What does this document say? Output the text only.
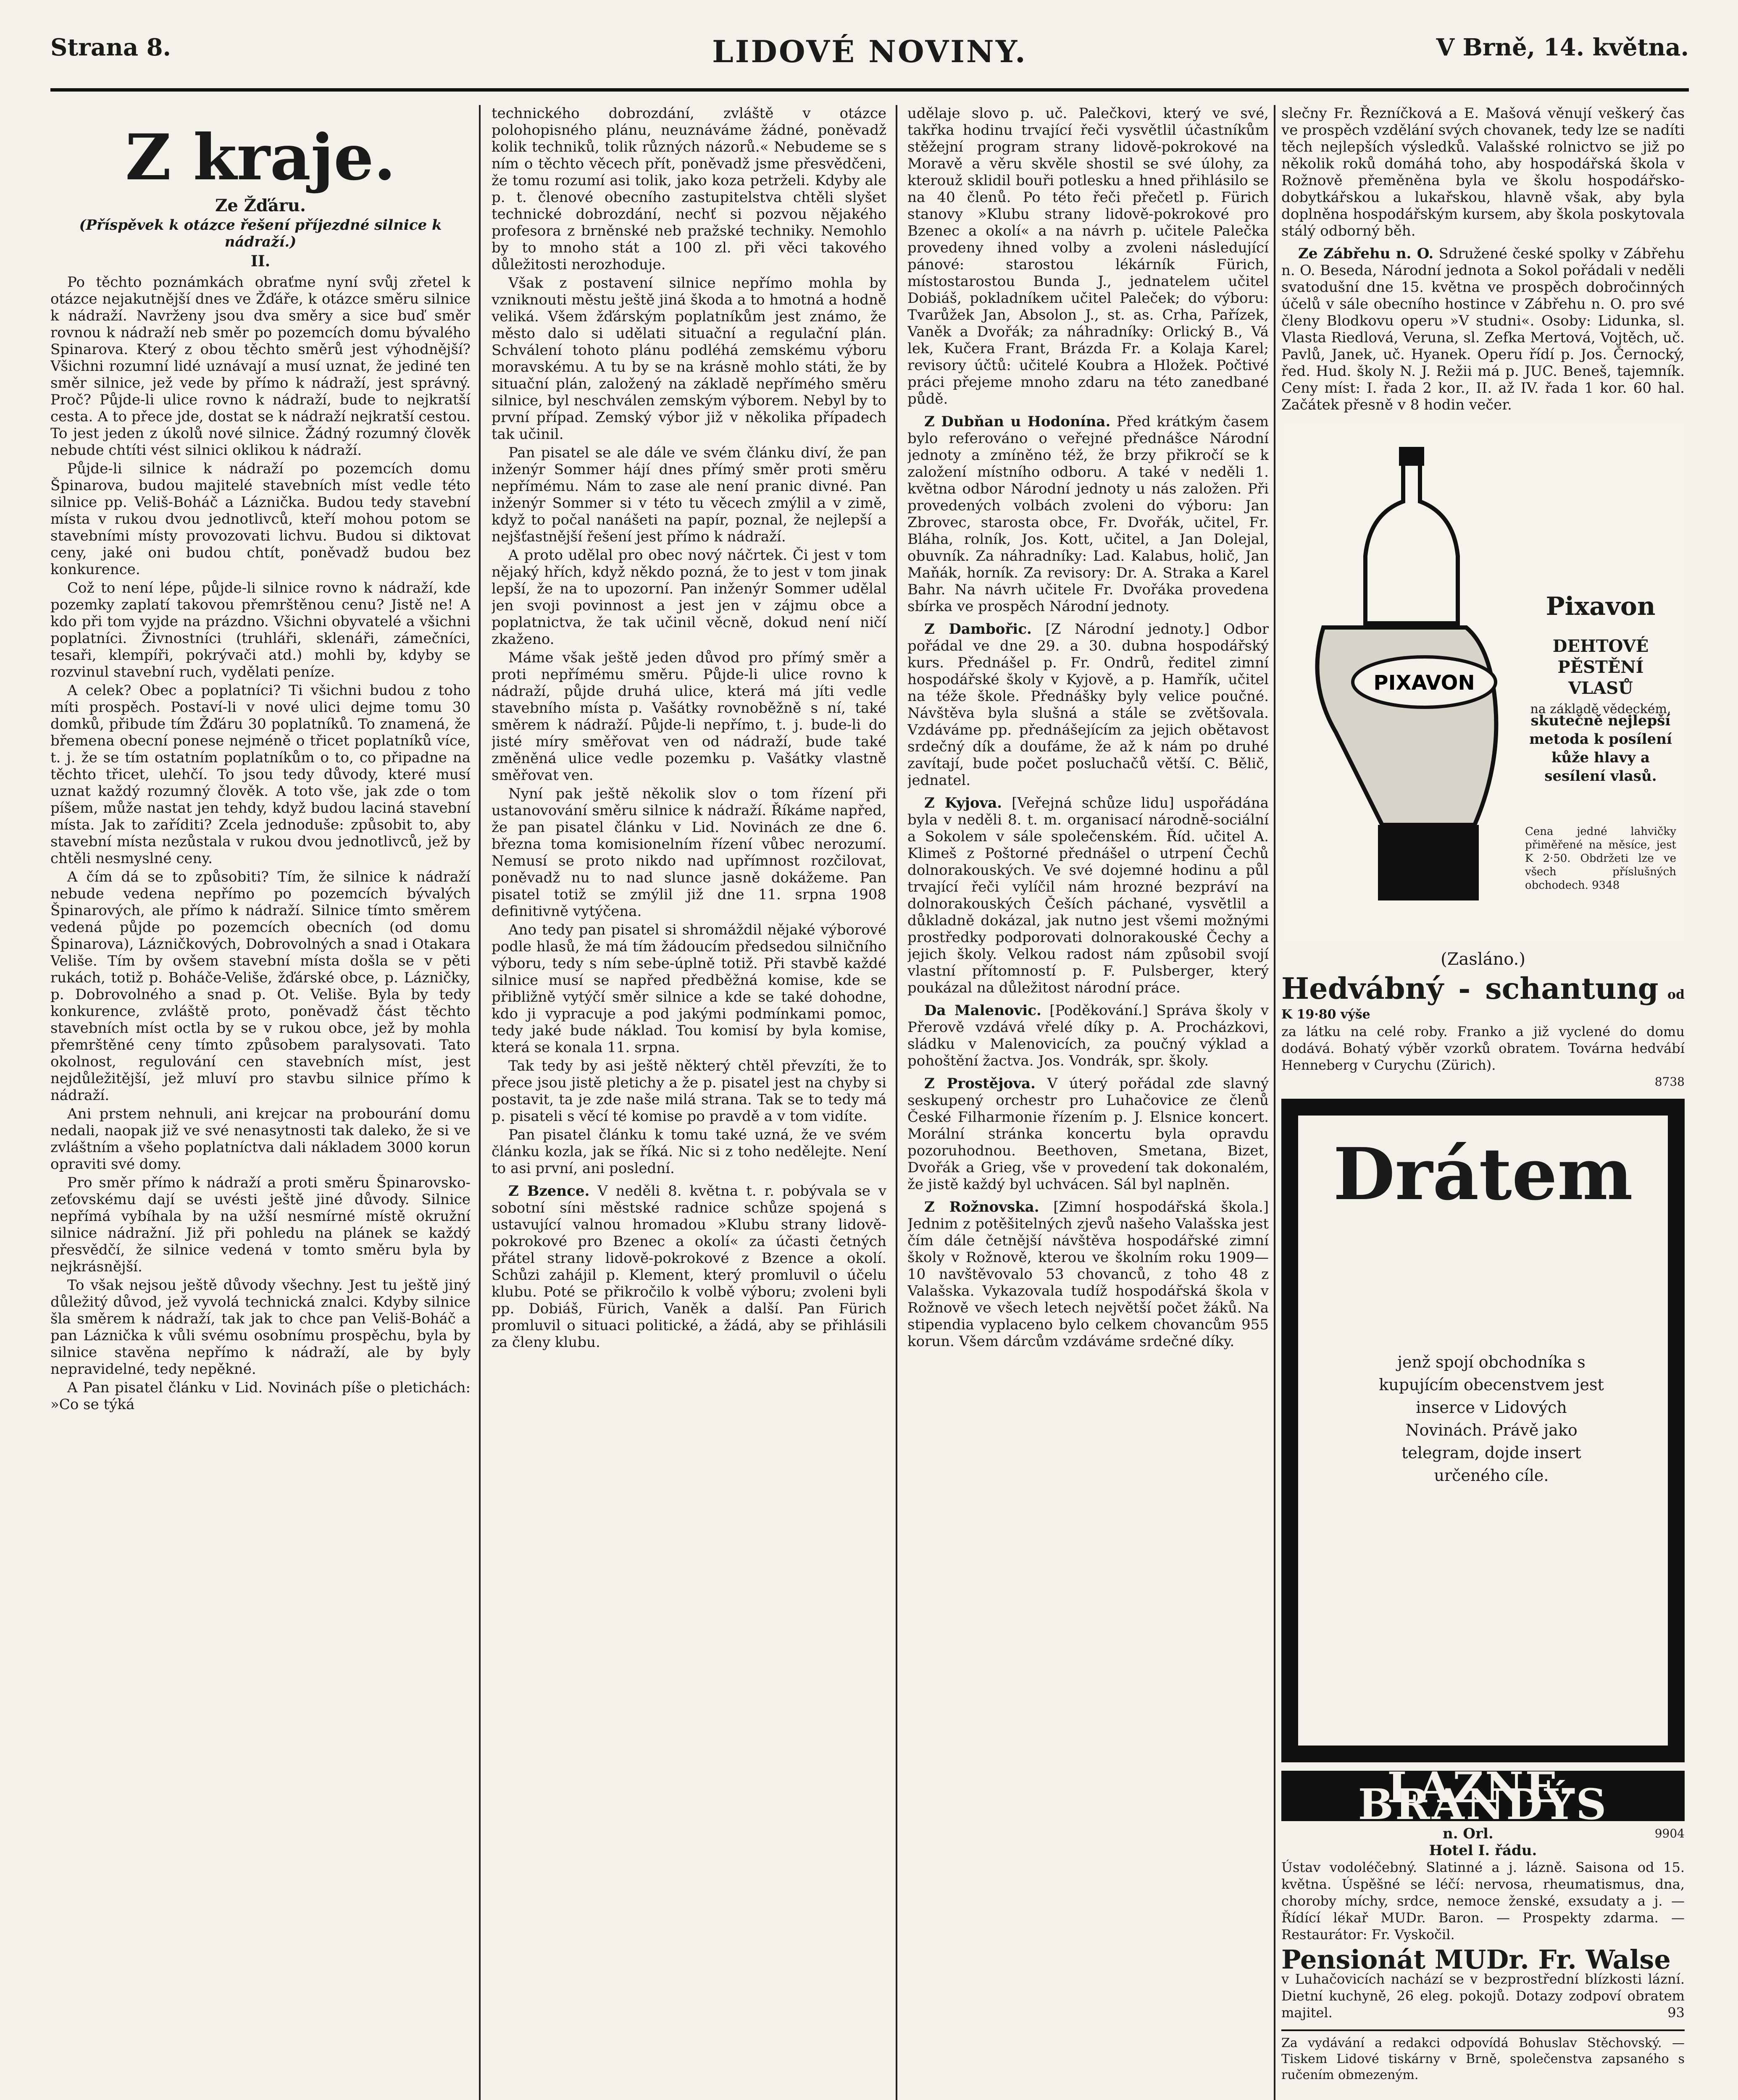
Strana 8.	LIDOVÉ NOVINY.	V Brně, 14. května.
Z kraje.
Ze Žďáru.
(Příspěvek k otázce řešení příjezdné silnice k nádraží.)
II.

Po těchto poznámkách obraťme nyní svůj zřetel k otázce nejakutnější dnes ve Žďáře, k otázce směru silnice k nádraží. Navrženy jsou dva směry a sice buď směr rovnou k nádraží neb směr po pozemcích domu bývalého Spinarova. Který z obou těchto směrů jest výhodnější? Všichni rozumní lidé uznávají a musí uznat, že jediné ten směr silnice, jež vede by přímo k nádraží, jest správný. Proč? Půjde-li ulice rovno k nádraží, bude to nejkratší cesta. A to přece jde, dostat se k nádraží nejkratší cestou. To jest jeden z úkolů nové silnice. Žádný rozumný člověk nebude chtíti vést silnici oklikou k nádraží.

Půjde-li silnice k nádraží po pozemcích domu Špinarova, budou majitelé stavebních míst vedle této silnice pp. Veliš-Boháč a Láznička. Budou tedy stavební místa v rukou dvou jednotlivců, kteří mohou potom se stavebními místy provozovati lichvu. Budou si diktovat ceny, jaké oni budou chtít, poněvadž budou bez konkurence.

Což to není lépe, půjde-li silnice rovno k nádraží, kde pozemky zaplatí takovou přemrštěnou cenu? Jistě ne! A kdo při tom vyjde na prázdno. Všichni obyvatelé a všichni poplatníci. Živnostníci (truhláři, sklenáři, zámečníci, tesaři, klempíři, pokrývači atd.) mohli by, kdyby se rozvinul stavební ruch, vydělati peníze.

A celek? Obec a poplatníci? Ti všichni budou z toho míti prospěch. Postaví-li v nové ulici dejme tomu 30 domků, přibude tím Žďáru 30 poplatníků. To znamená, že břemena obecní ponese nejméně o třicet poplatníků více, t. j. že se tím ostatním poplatníkům o to, co připadne na těchto třicet, ulehčí. To jsou tedy důvody, které musí uznat každý rozumný člověk. A toto vše, jak zde o tom píšem, může nastat jen tehdy, když budou laciná stavební místa. Jak to zaříditi? Zcela jednoduše: způsobit to, aby stavební místa nezůstala v rukou dvou jednotlivců, jež by chtěli nesmyslné ceny.

A čím dá se to způsobiti? Tím, že silnice k nádraží nebude vedena nepřímo po pozemcích bývalých Špinarových, ale přímo k nádraží. Silnice tímto směrem vedená půjde po pozemcích obecních (od domu Špinarova), Lázničkových, Dobrovolných a snad i Otakara Veliše. Tím by ovšem stavební místa došla se v pěti rukách, totiž p. Boháče-Veliše, žďárské obce, p. Lázničky, p. Dobrovolného a snad p. Ot. Veliše. Byla by tedy konkurence, zvláště proto, poněvadž část těchto stavebních míst octla by se v rukou obce, jež by mohla přemrštěné ceny tímto způsobem paralysovati. Tato okolnost, regulování cen stavebních míst, jest nejdůležitější, jež mluví pro stavbu silnice přímo k nádraží.

Ani prstem nehnuli, ani krejcar na probourání domu nedali, naopak již ve své nenasytnosti tak daleko, že si ve zvláštním a všeho poplatníctva dali nákladem 3000 korun opraviti své domy.

Pro směr přímo k nádraží a proti směru Špinarovsko-zeťovskému dají se uvésti ještě jiné důvody. Silnice nepřímá vybíhala by na užší nesmírné místě okružní silnice nádražní. Již při pohledu na plánek se každý přesvědčí, že silnice vedená v tomto směru byla by nejkrásnější.

To však nejsou ještě důvody všechny. Jest tu ještě jiný důležitý důvod, jež vyvolá technická znalci. Kdyby silnice šla směrem k nádraží, tak jak to chce pan Veliš-Boháč a pan Láznička k vůli svému osobnímu prospěchu, byla by silnice stavěna nepřímo k nádraží, ale by byly nepravidelné, tedy nepěkné.

A Pan pisatel článku v Lid. Novinách píše o pletichách: »Co se týká

technického dobrozdání, zvláště v otázce polohopisného plánu, neuznáváme žádné, poněvadž kolik techniků, tolik různých názorů.« Nebudeme se s ním o těchto věcech přít, poněvadž jsme přesvědčeni, že tomu rozumí asi tolik, jako koza petrželi. Kdyby ale p. t. členové obecního zastupitelstva chtěli slyšet technické dobrozdání, nechť si pozvou nějakého profesora z brněnské neb pražské techniky. Nemohlo by to mnoho stát a 100 zl. při věci takového důležitosti nerozhoduje.

Však z postavení silnice nepřímo mohla by vzniknouti městu ještě jiná škoda a to hmotná a hodně veliká. Všem žďárským poplatníkům jest známo, že město dalo si udělati situační a regulační plán. Schválení tohoto plánu podléhá zemskému výboru moravskému. A tu by se na krásně mohlo státi, že by situační plán, založený na základě nepřímého směru silnice, byl neschválen zemským výborem. Nebyl by to první případ. Zemský výbor již v několika případech tak učinil.

Pan pisatel se ale dále ve svém článku diví, že pan inženýr Sommer hájí dnes přímý směr proti směru nepřímému. Nám to zase ale není pranic divné. Pan inženýr Sommer si v této tu věcech zmýlil a v zimě, když to počal nanášeti na papír, poznal, že nejlepší a nejšťastnější řešení jest přímo k nádraží.

A proto udělal pro obec nový náčrtek. Či jest v tom nějaký hřích, když někdo pozná, že to jest v tom jinak lepší, že na to upozorní. Pan inženýr Sommer udělal jen svoji povinnost a jest jen v zájmu obce a poplatnictva, že tak učinil věcně, dokud není ničí zkaženo.

Máme však ještě jeden důvod pro přímý směr a proti nepřímému směru. Půjde-li ulice rovno k nádraží, půjde druhá ulice, která má jíti vedle stavebního místa p. Vašátky rovnoběžně s ní, také směrem k nádraží. Půjde-li nepřímo, t. j. bude-li do jisté míry směřovat ven od nádraží, bude také změněná ulice vedle pozemku p. Vašátky vlastně směřovat ven.

Nyní pak ještě několik slov o tom řízení při ustanovování směru silnice k nádraží. Říkáme napřed, že pan pisatel článku v Lid. Novinách ze dne 6. března toma komisionelním řízení vůbec nerozumí. Nemusí se proto nikdo nad upřímnost rozčilovat, poněvadž nu to nad slunce jasně dokážeme. Pan pisatel totiž se zmýlil již dne 11. srpna 1908 definitivně vytýčena.

Ano tedy pan pisatel si shromáždil nějaké výborové podle hlasů, že má tím žádoucím předsedou silničního výboru, tedy s ním sebe-úplně totiž. Při stavbě každé silnice musí se napřed předběžná komise, kde se přibližně vytýčí směr silnice a kde se také dohodne, kdo ji vypracuje a pod jakými podmínkami pomoc, tedy jaké bude náklad. Tou komisí by byla komise, která se konala 11. srpna.

Tak tedy by asi ještě některý chtěl převzíti, že to přece jsou jistě pletichy a že p. pisatel jest na chyby si postavit, ta je zde naše milá strana. Tak se to tedy má p. pisateli s věcí té komise po pravdě a v tom vidíte.

Pan pisatel článku k tomu také uzná, že ve svém článku kozla, jak se říká. Nic si z toho nedělejte. Není to asi první, ani poslední.

Z Bzence. V neděli 8. května t. r. pobývala se v sobotní síni městské radnice schůze spojená s ustavující valnou hromadou »Klubu strany lidově-pokrokové pro Bzenec a okolí« za účasti četných přátel strany lidově-pokrokové z Bzence a okolí. Schůzi zahájil p. Klement, který promluvil o účelu klubu. Poté se přikročilo k volbě výboru; zvoleni byli pp. Dobiáš, Fürich, Vaněk a další. Pan Fürich promluvil o situaci politické, a žádá, aby se přihlásili za členy klubu.

udělaje slovo p. uč. Palečkovi, který ve své, takřka hodinu trvající řeči vysvětlil účastníkům stěžejní program strany lidově-pokrokové na Moravě a věru skvěle shostil se své úlohy, za kterouž sklidil bouři potlesku a hned přihlásilo se na 40 členů. Po této řeči přečetl p. Fürich stanovy »Klubu strany lidově-pokrokové pro Bzenec a okolí« a na návrh p. učitele Palečka provedeny ihned volby a zvoleni následující pánové: starostou lékárník Fürich, místostarostou Bunda J., jednatelem učitel Dobiáš, pokladníkem učitel Paleček; do výboru: Tvarůžek Jan, Absolon J., st. as. Crha, Pařízek, Vaněk a Dvořák; za náhradníky: Orlický B., Vá lek, Kučera Frant, Brázda Fr. a Kolaja Karel; revisory účtů: učitelé Koubra a Hložek. Počtivé práci přejeme mnoho zdaru na této zanedbané půdě.

Z Dubňan u Hodonína. Před krátkým časem bylo referováno o veřejné přednášce Národní jednoty a zmíněno též, že brzy přikročí se k založení místního odboru. A také v neděli 1. května odbor Národní jednoty u nás založen. Při provedených volbách zvoleni do výboru: Jan Zbrovec, starosta obce, Fr. Dvořák, učitel, Fr. Bláha, rolník, Jos. Kott, učitel, a Jan Dolejal, obuvník. Za náhradníky: Lad. Kalabus, holič, Jan Maňák, horník. Za revisory: Dr. A. Straka a Karel Bahr. Na návrh učitele Fr. Dvořáka provedena sbírka ve prospěch Národní jednoty.

Z Dambořic. [Z Národní jednoty.] Odbor pořádal ve dne 29. a 30. dubna hospodářský kurs. Přednášel p. Fr. Ondrů, ředitel zimní hospodářské školy v Kyjově, a p. Hamřík, učitel na téže škole. Přednášky byly velice poučné. Návštěva byla slušná a stále se zvětšovala. Vzdáváme pp. přednášejícím za jejich obětavost srdečný dík a doufáme, že až k nám po druhé zavítají, bude počet posluchačů větší. C. Bělič, jednatel.

Z Kyjova. [Veřejná schůze lidu] uspořádána byla v neděli 8. t. m. organisací národně-sociální a Sokolem v sále společenském. Říd. učitel A. Klimeš z Poštorné přednášel o utrpení Čechů dolnorakouských. Ve své dojemné hodinu a půl trvající řeči vylíčil nám hrozné bezpráví na dolnorakouských Češích páchané, vysvětlil a důkladně dokázal, jak nutno jest všemi možnými prostředky podporovati dolnorakouské Čechy a jejich školy. Velkou radost nám způsobil svojí vlastní přítomností p. F. Pulsberger, který poukázal na důležitost národní práce.

Da Malenovic. [Poděkování.] Správa školy v Přerově vzdává vřelé díky p. A. Procházkovi, sládku v Malenovicích, za poučný výklad a pohoštění žactva. Jos. Vondrák, spr. školy.

Z Prostějova. V úterý pořádal zde slavný seskupený orchestr pro Luhačovice ze členů České Filharmonie řízením p. J. Elsnice koncert. Morální stránka koncertu byla opravdu pozoruhodnou. Beethoven, Smetana, Bizet, Dvořák a Grieg, vše v provedení tak dokonalém, že jistě každý byl uchvácen. Sál byl naplněn.

Z Rožnovska. [Zimní hospodářská škola.] Jednim z potěšitelných zjevů našeho Valašska jest čím dále četnější návštěva hospodářské zimní školy v Rožnově, kterou ve školním roku 1909—10 navštěvovalo 53 chovanců, z toho 48 z Valašska. Vykazovala tudíž hospodářská škola v Rožnově ve všech letech největší počet žáků. Na stipendia vyplaceno bylo celkem chovancům 955 korun. Všem dárcům vzdáváme srdečné díky.

slečny Fr. Řezníčková a E. Mašová věnují veškerý čas ve prospěch vzdělání svých chovanek, tedy lze se nadíti těch nejlepších výsledků. Valašské rolnictvo se již po několik roků domáhá toho, aby hospodářská škola v Rožnově přeměněna byla ve školu hospodářsko-dobytkářskou a lukařskou, hlavně však, aby byla doplněna hospodářským kursem, aby škola poskytovala stálý odborný běh.

Ze Zábřehu n. O. Sdružené české spolky v Zábřehu n. O. Beseda, Národní jednota a Sokol pořádali v neděli svatodušní dne 15. května ve prospěch dobročinných účelů v sále obecního hostince v Zábřehu n. O. pro své členy Blodkovu operu »V studni«. Osoby: Lidunka, sl. Vlasta Riedlová, Veruna, sl. Zefka Mertová, Vojtěch, uč. Pavlů, Janek, uč. Hyanek. Operu řídí p. Jos. Černocký, řed. Hud. školy N. J. Režii má p. JUC. Beneš, tajemník. Ceny míst: I. řada 2 kor., II. až IV. řada 1 kor. 60 hal. Začátek přesně v 8 hodin večer.

PIXAVON
Pixavon
DEHTOVÉ PĚSTĚNÍ VLASŮ
na základě vědeckém,
skutečně nejlepší metoda k posílení kůže hlavy a sesílení vlasů.
Cena jedné lahvičky přiměřené na měsíce, jest K 2·50. Obdržeti lze ve všech příslušných obchodech. 9348
(Zasláno.)
Hedvábný - schantung od K 19·80 výše
za látku na celé roby. Franko a již vyclené do domu dodává. Bohatý výběr vzorků obratem. Továrna hedvábí Henneberg v Curychu (Zürich).
8738
Drátem
jenž spojí obchodníka s kupujícím obecenstvem jest inserce v Lidových Novinách. Právě jako telegram, dojde insert určeného cíle.
LÁZNĚ-BRANDÝS
n. Orl.	9904
Hotel I. řádu.
Ústav vodoléčebný. Slatinné a j. lázně. Saisona od 15. května. Úspěšné se léčí: nervosa, rheumatismus, dna, choroby míchy, srdce, nemoce ženské, exsudaty a j. — Řídící lékař MUDr. Baron. — Prospekty zdarma. — Restaurátor: Fr. Vyskočil.
Pensionát MUDr. Fr. Walse
v Luhačovicích nachází se v bezprostřední blízkosti lázní. Dietní kuchyně, 26 eleg. pokojů. Dotazy zodpoví obratem majitel.	93
Za vydávání a redakci odpovídá Bohuslav Stěchovský. — Tiskem Lidové tiskárny v Brně, společenstva zapsaného s ručením obmezeným.
